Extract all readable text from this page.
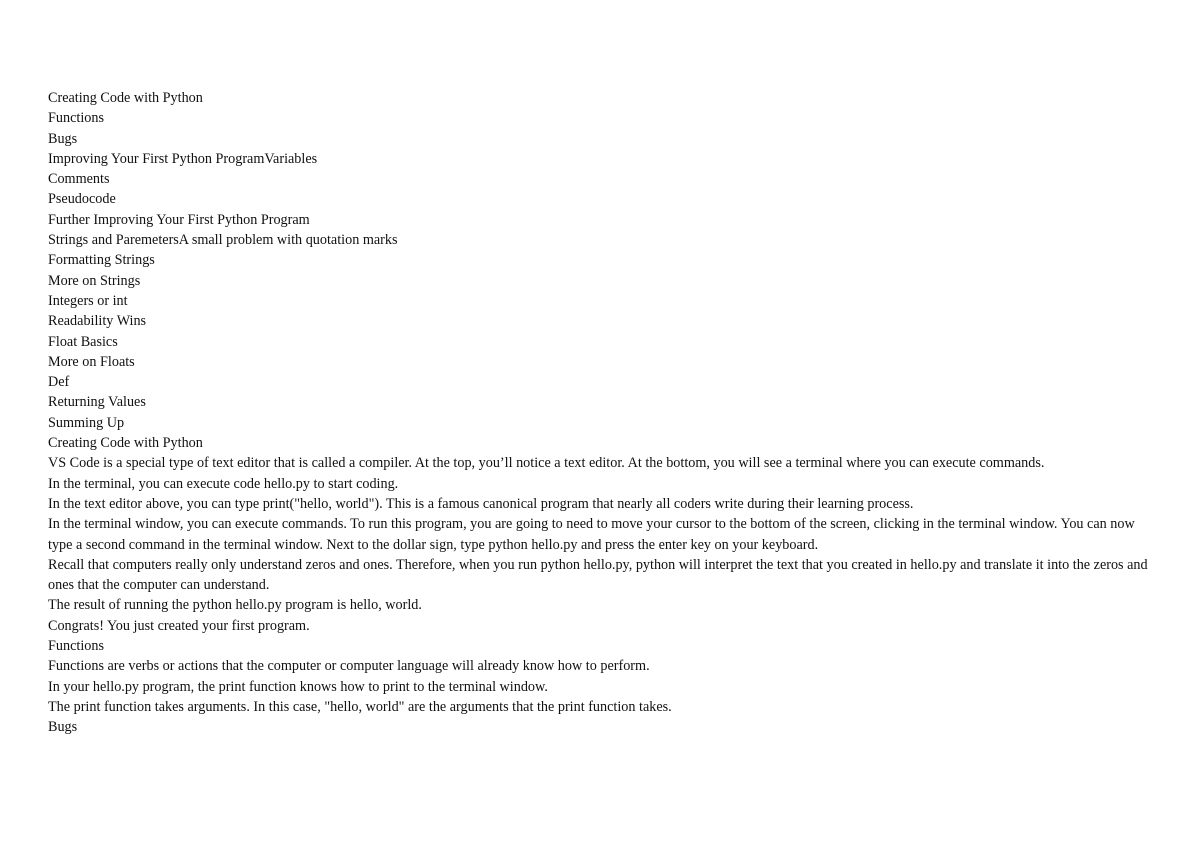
Creating Code with Python

Functions

Bugs

Improving Your First Python ProgramVariables

Comments

Pseudocode

Further Improving Your First Python Program

Strings and ParemetersA small problem with quotation marks

Formatting Strings

More on Strings

Integers or int

Readability Wins

Float Basics

More on Floats

Def

Returning Values

Summing Up

Creating Code with Python

VS Code is a special type of text editor that is called a compiler. At the top, you’ll notice a text editor. At the bottom, you will see a terminal where you can execute commands.

In the terminal, you can execute code hello.py to start coding.

In the text editor above, you can type print("hello, world"). This is a famous canonical program that nearly all coders write during their learning process.

In the terminal window, you can execute commands. To run this program, you are going to need to move your cursor to the bottom of the screen, clicking in the terminal window. You can now type a second command in the terminal window. Next to the dollar sign, type python hello.py and press the enter key on your keyboard.

Recall that computers really only understand zeros and ones. Therefore, when you run python hello.py, python will interpret the text that you created in hello.py and translate it into the zeros and ones that the computer can understand.

The result of running the python hello.py program is hello, world.

Congrats! You just created your first program.

Functions

Functions are verbs or actions that the computer or computer language will already know how to perform.

In your hello.py program, the print function knows how to print to the terminal window.

The print function takes arguments. In this case, "hello, world" are the arguments that the print function takes.

Bugs
